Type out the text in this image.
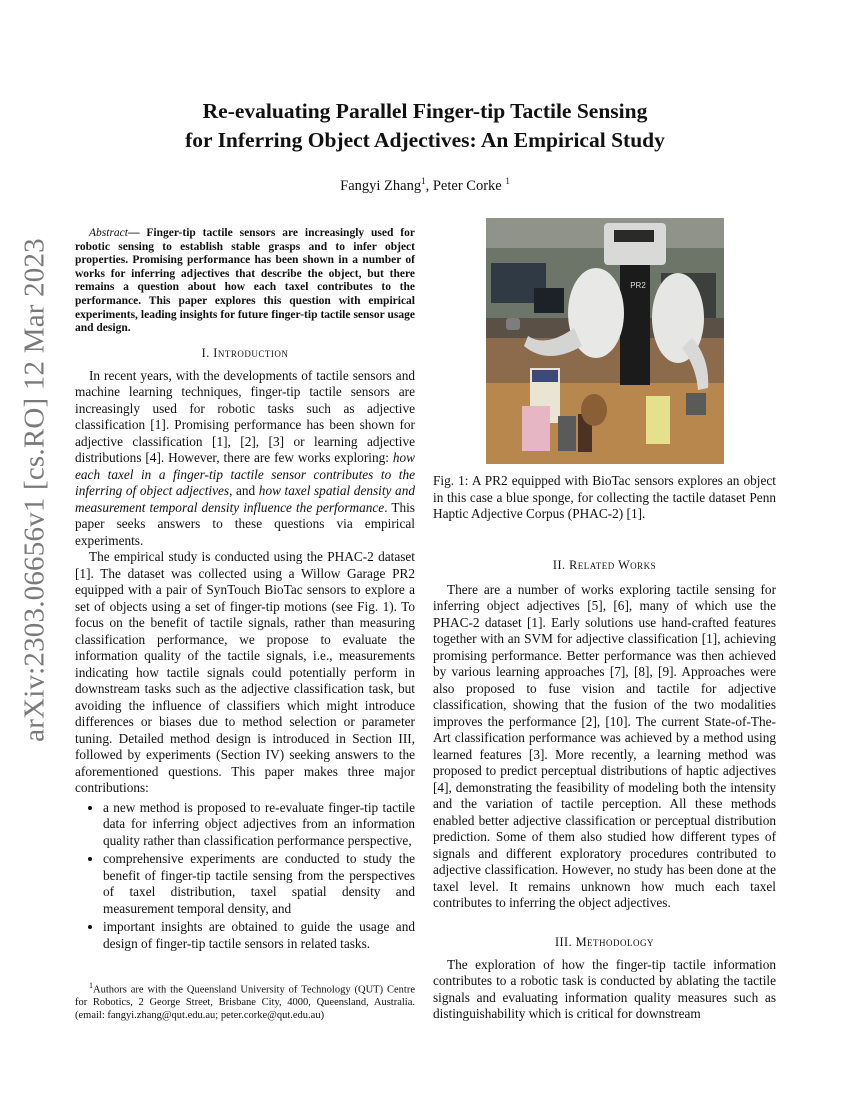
arXiv:2303.06656v1 [cs.RO] 12 Mar 2023
Re-evaluating Parallel Finger-tip Tactile Sensing
for Inferring Object Adjectives: An Empirical Study
Fangyi Zhang$^1$, Peter Corke $^1$

Abstract— Finger-tip tactile sensors are increasingly used for robotic sensing to establish stable grasps and to infer object properties. Promising performance has been shown in a number of works for inferring adjectives that describe the object, but there remains a question about how each taxel contributes to the performance. This paper explores this question with empirical experiments, leading insights for future finger-tip tactile sensor usage and design.

I. Introduction

In recent years, with the developments of tactile sensors and machine learning techniques, finger-tip tactile sensors are increasingly used for robotic tasks such as adjective classification [1]. Promising performance has been shown for adjective classification [1], [2], [3] or learning adjective distributions [4]. However, there are few works exploring: how each taxel in a finger-tip tactile sensor contributes to the inferring of object adjectives, and how taxel spatial density and measurement temporal density influence the performance. This paper seeks answers to these questions via empirical experiments.

The empirical study is conducted using the PHAC-2 dataset [1]. The dataset was collected using a Willow Garage PR2 equipped with a pair of SynTouch BioTac sensors to explore a set of objects using a set of finger-tip motions (see Fig. 1). To focus on the benefit of tactile signals, rather than measuring classification performance, we propose to evaluate the information quality of the tactile signals, i.e., measurements indicating how tactile signals could potentially perform in downstream tasks such as the adjective classification task, but avoiding the influence of classifiers which might introduce differences or biases due to method selection or parameter tuning. Detailed method design is introduced in Section III, followed by experiments (Section IV) seeking answers to the aforementioned questions. This paper makes three major contributions:

• a new method is proposed to re-evaluate finger-tip tactile data for inferring object adjectives from an information quality rather than classification performance perspective,
• comprehensive experiments are conducted to study the benefit of finger-tip tactile sensing from the perspectives of taxel distribution, taxel spatial density and measurement temporal density, and
• important insights are obtained to guide the usage and design of finger-tip tactile sensors in related tasks.

$^1$Authors are with the Queensland University of Technology (QUT) Centre for Robotics, 2 George Street, Brisbane City, 4000, Queensland, Australia. (email: fangyi.zhang@qut.edu.au; peter.corke@qut.edu.au)

PR2
Fig. 1: A PR2 equipped with BioTac sensors explores an object in this case a blue sponge, for collecting the tactile dataset Penn Haptic Adjective Corpus (PHAC-2) [1].
II. Related Works

There are a number of works exploring tactile sensing for inferring object adjectives [5], [6], many of which use the PHAC-2 dataset [1]. Early solutions use hand-crafted features together with an SVM for adjective classification [1], achieving promising performance. Better performance was then achieved by various learning approaches [7], [8], [9]. Approaches were also proposed to fuse vision and tactile for adjective classification, showing that the fusion of the two modalities improves the performance [2], [10]. The current State-of-The-Art classification performance was achieved by a method using learned features [3]. More recently, a learning method was proposed to predict perceptual distributions of haptic adjectives [4], demonstrating the feasibility of modeling both the intensity and the variation of tactile perception. All these methods enabled better adjective classification or perceptual distribution prediction. Some of them also studied how different types of signals and different exploratory procedures contributed to adjective classification. However, no study has been done at the taxel level. It remains unknown how much each taxel contributes to inferring the object adjectives.

III. Methodology

The exploration of how the finger-tip tactile information contributes to a robotic task is conducted by ablating the tactile signals and evaluating information quality measures such as distinguishability which is critical for downstream
